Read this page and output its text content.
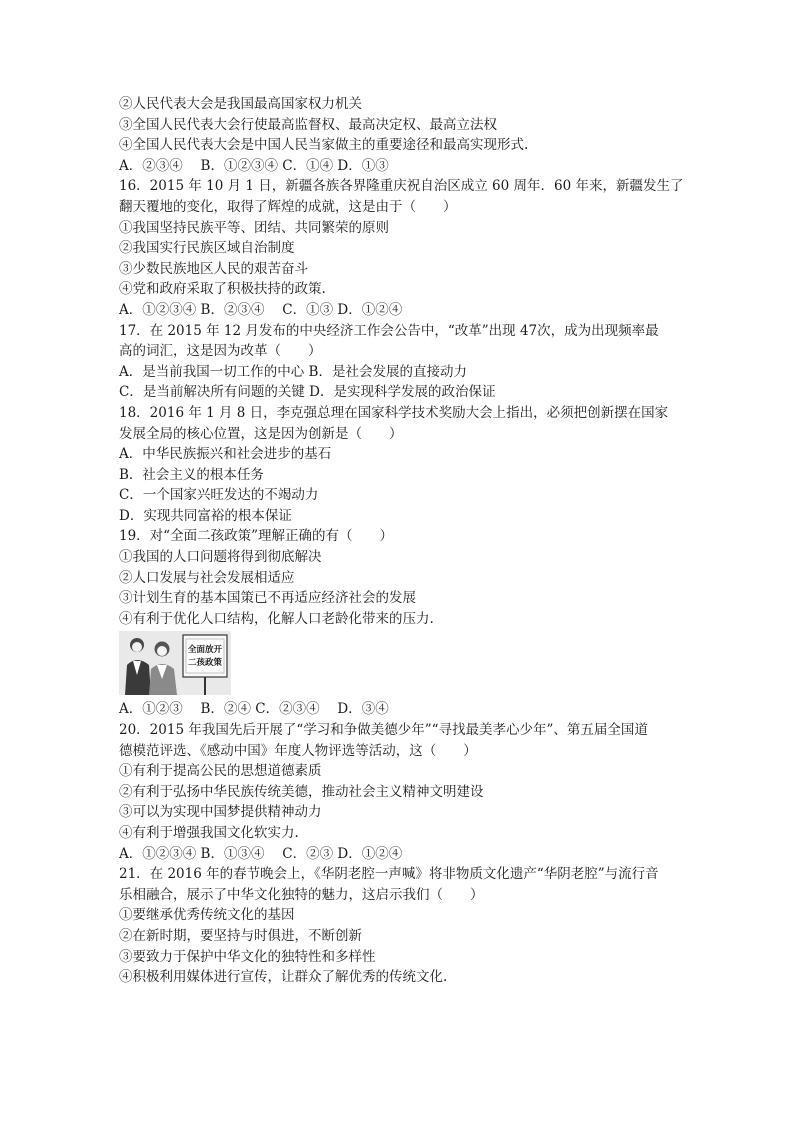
②人民代表大会是我国最高国家权力机关
③全国人民代表大会行使最高监督权、最高决定权、最高立法权
④全国人民代表大会是中国人民当家做主的重要途径和最高实现形式.
A．②③④　 B．①②③④ C．①④ D．①③
16．2015 年 10 月 1 日，新疆各族各界隆重庆祝自治区成立 60 周年．60 年来，新疆发生了
翻天覆地的变化，取得了辉煌的成就，这是由于（　　）
①我国坚持民族平等、团结、共同繁荣的原则
②我国实行民族区域自治制度
③少数民族地区人民的艰苦奋斗
④党和政府采取了积极扶持的政策.
A．①②③④ B．②③④　 C．①③ D．①②④
17．在 2015 年 12 月发布的中央经济工作会公告中，“改革”出现 47次，成为出现频率最
高的词汇，这是因为改革（　　）
A．是当前我国一切工作的中心 B．是社会发展的直接动力
C．是当前解决所有问题的关键 D．是实现科学发展的政治保证
18．2016 年 1 月 8 日，李克强总理在国家科学技术奖励大会上指出，必须把创新摆在国家
发展全局的核心位置，这是因为创新是（　　）
A．中华民族振兴和社会进步的基石
B．社会主义的根本任务
C．一个国家兴旺发达的不竭动力
D．实现共同富裕的根本保证
19．对“全面二孩政策”理解正确的有（　　）
①我国的人口问题将得到彻底解决
②人口发展与社会发展相适应
③计划生育的基本国策已不再适应经济社会的发展
④有利于优化人口结构，化解人口老龄化带来的压力.
全面放开
二孩政策
A．①②③　 B．②④ C．②③④　 D．③④
20．2015 年我国先后开展了“学习和争做美德少年”“寻找最美孝心少年”、第五届全国道
德模范评选、《感动中国》年度人物评选等活动，这（　　）
①有利于提高公民的思想道德素质
②有利于弘扬中华民族传统美德，推动社会主义精神文明建设
③可以为实现中国梦提供精神动力
④有利于增强我国文化软实力.
A．①②③④ B．①③④　 C．②③ D．①②④
21．在 2016 年的春节晚会上，《华阴老腔一声喊》将非物质文化遗产“华阴老腔”与流行音
乐相融合，展示了中华文化独特的魅力，这启示我们（　　）
①要继承优秀传统文化的基因
②在新时期，要坚持与时俱进，不断创新
③要致力于保护中华文化的独特性和多样性
④积极利用媒体进行宣传，让群众了解优秀的传统文化.
